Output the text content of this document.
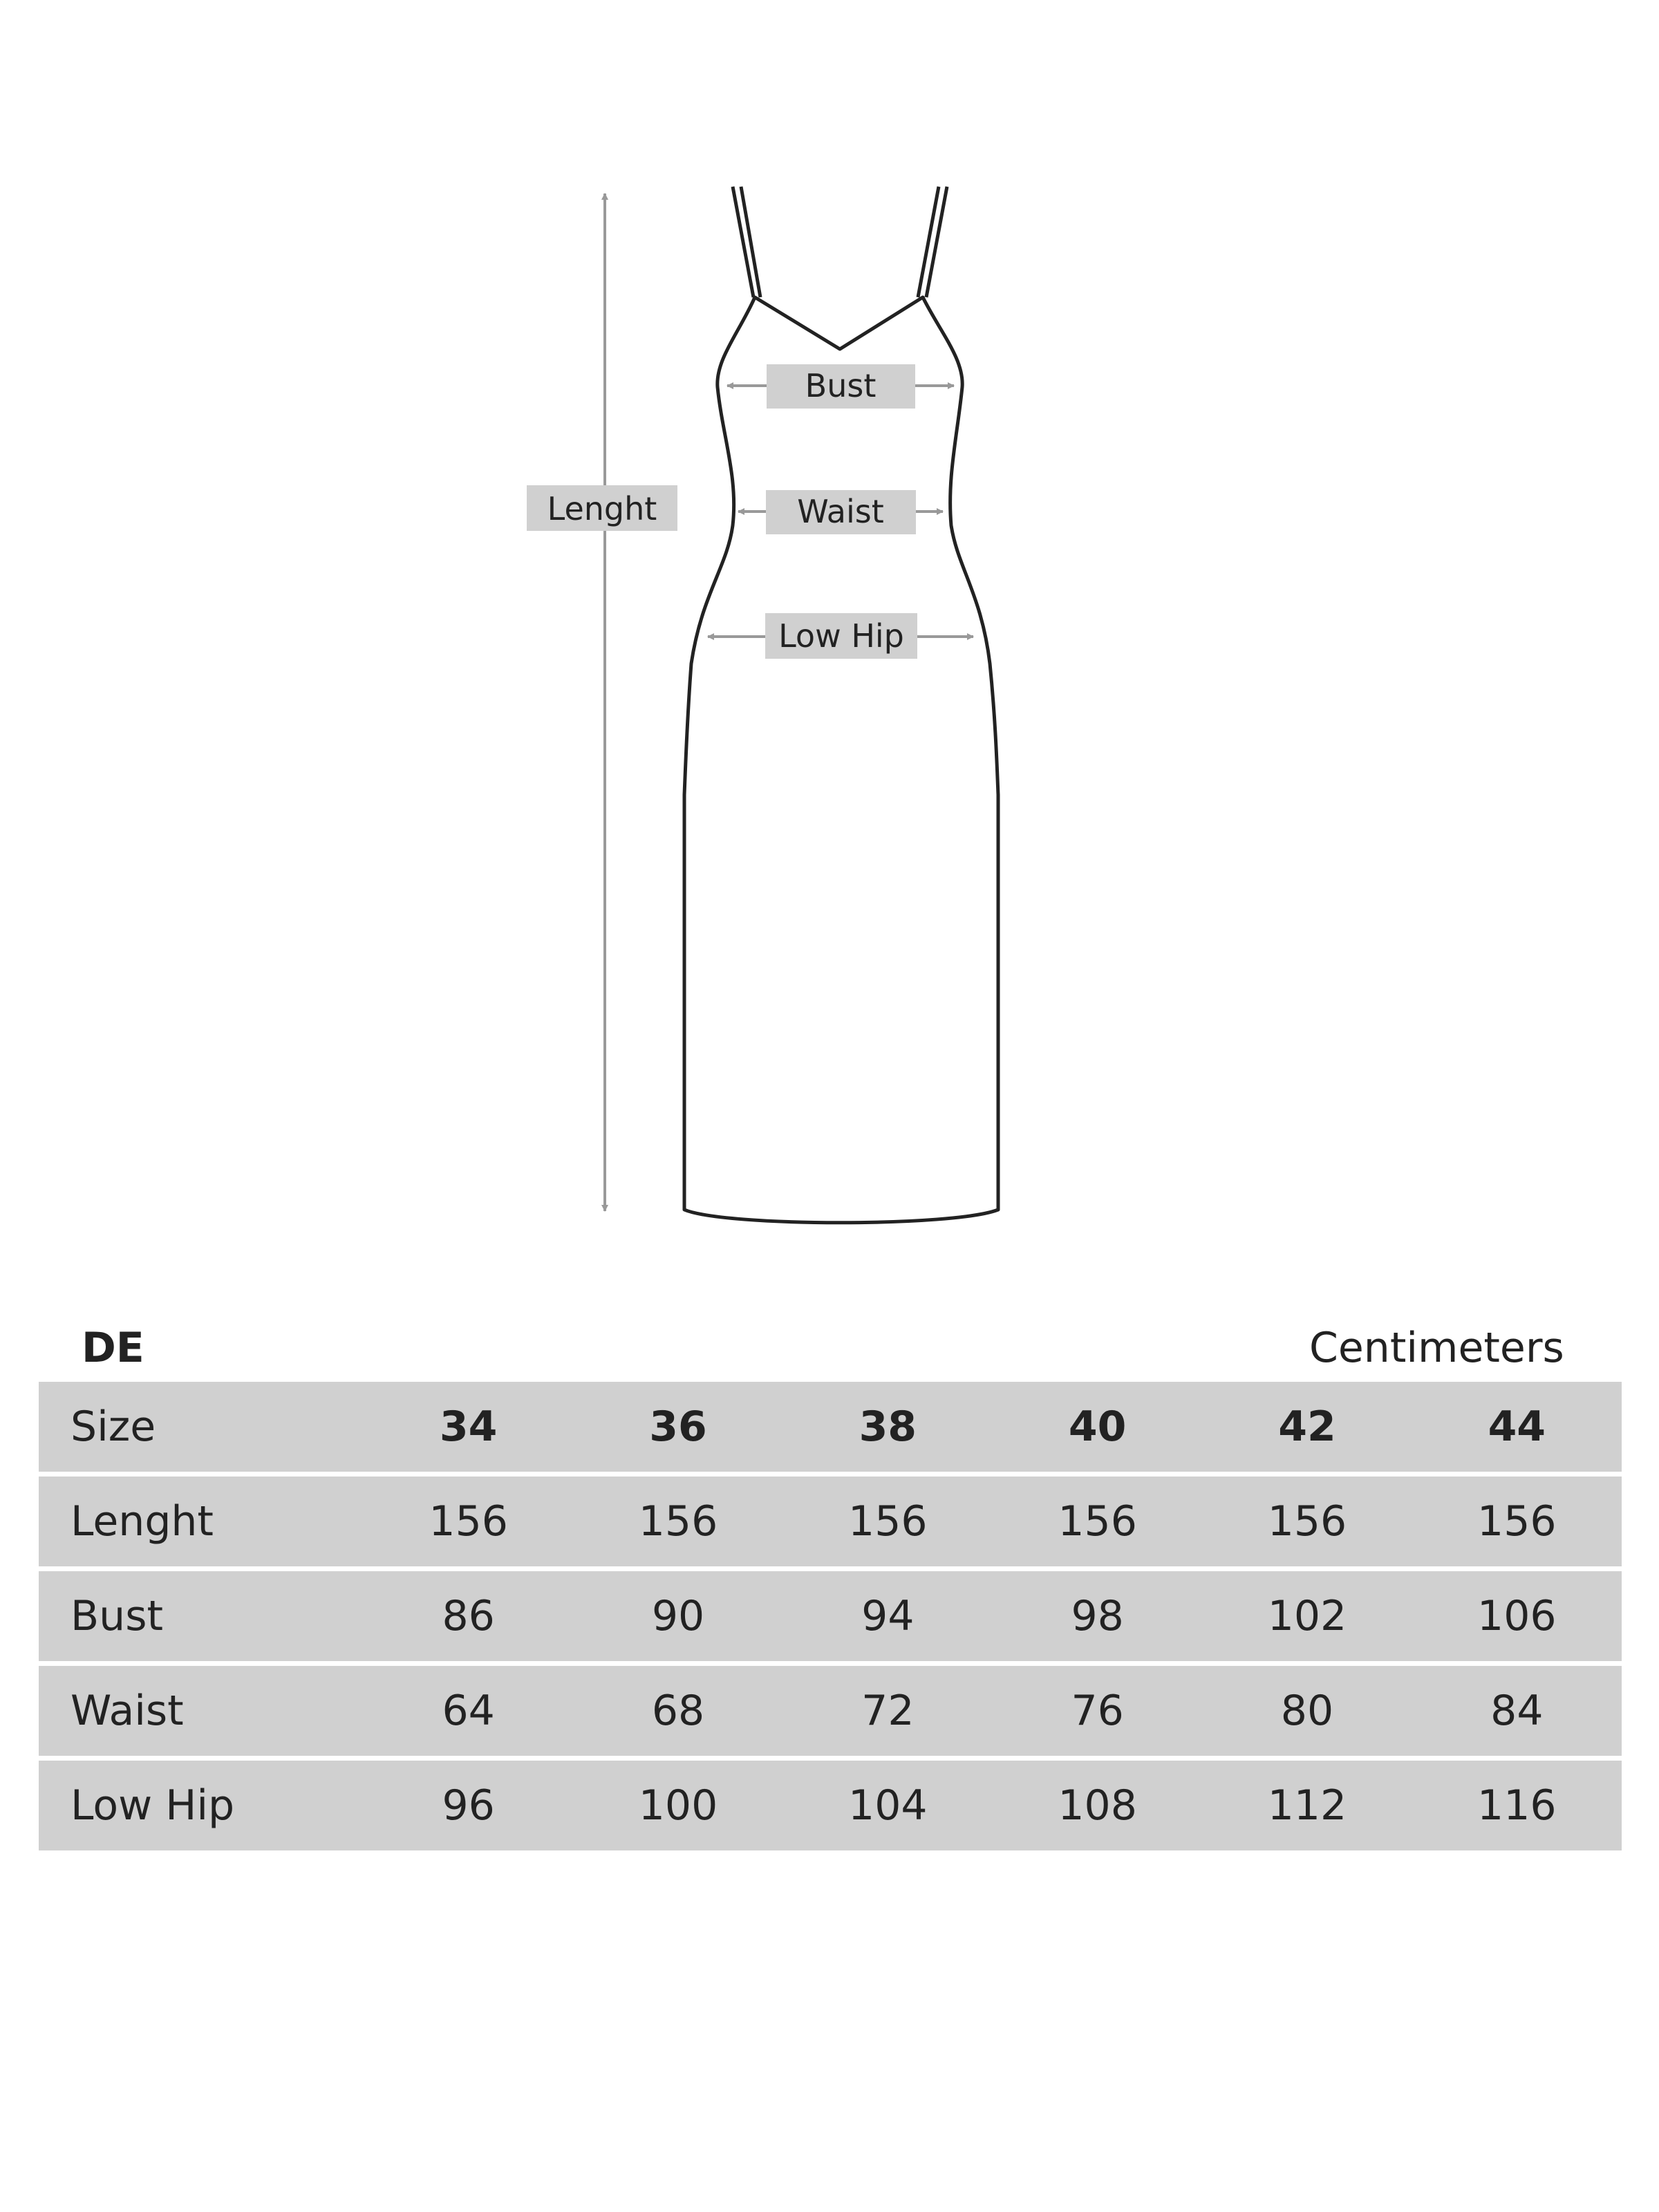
Lenght
Bust
Waist
Low Hip
DE	Centimeters
Size	34	36	38	40	42	44
Lenght	156	156	156	156	156	156
Bust	86	90	94	98	102	106
Waist	64	68	72	76	80	84
Low Hip	96	100	104	108	112	116
